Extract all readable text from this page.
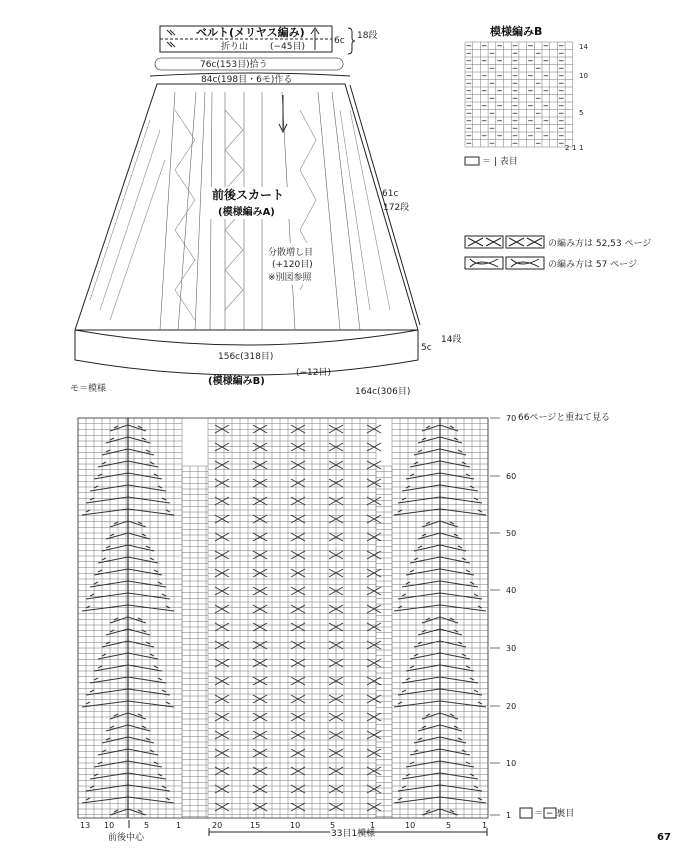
ベルト(メリヤス編み)
折り山 (−45目)
6c 18段
76c(153目)拾う
84c(198目・6モ)作る
前後スカート
(模様編みA)
分散増し目
(+120目)
※別図参照
61c
172段
156c(318目)
(−12目)
(模様編みB)
164c(306目)
5c
14段
モ＝模様
模様編みB
14
10
5
1
2 1
＝ | 表目
の編み方は 52,53 ページ
の編み方は 57 ページ
66ページと重ねて見る
70
60
50
40
30
20
10
1
13 10	5	1	20	15	10	5	1	10	5	1
前後中心	33目1模様
＝ − 裏目
67
